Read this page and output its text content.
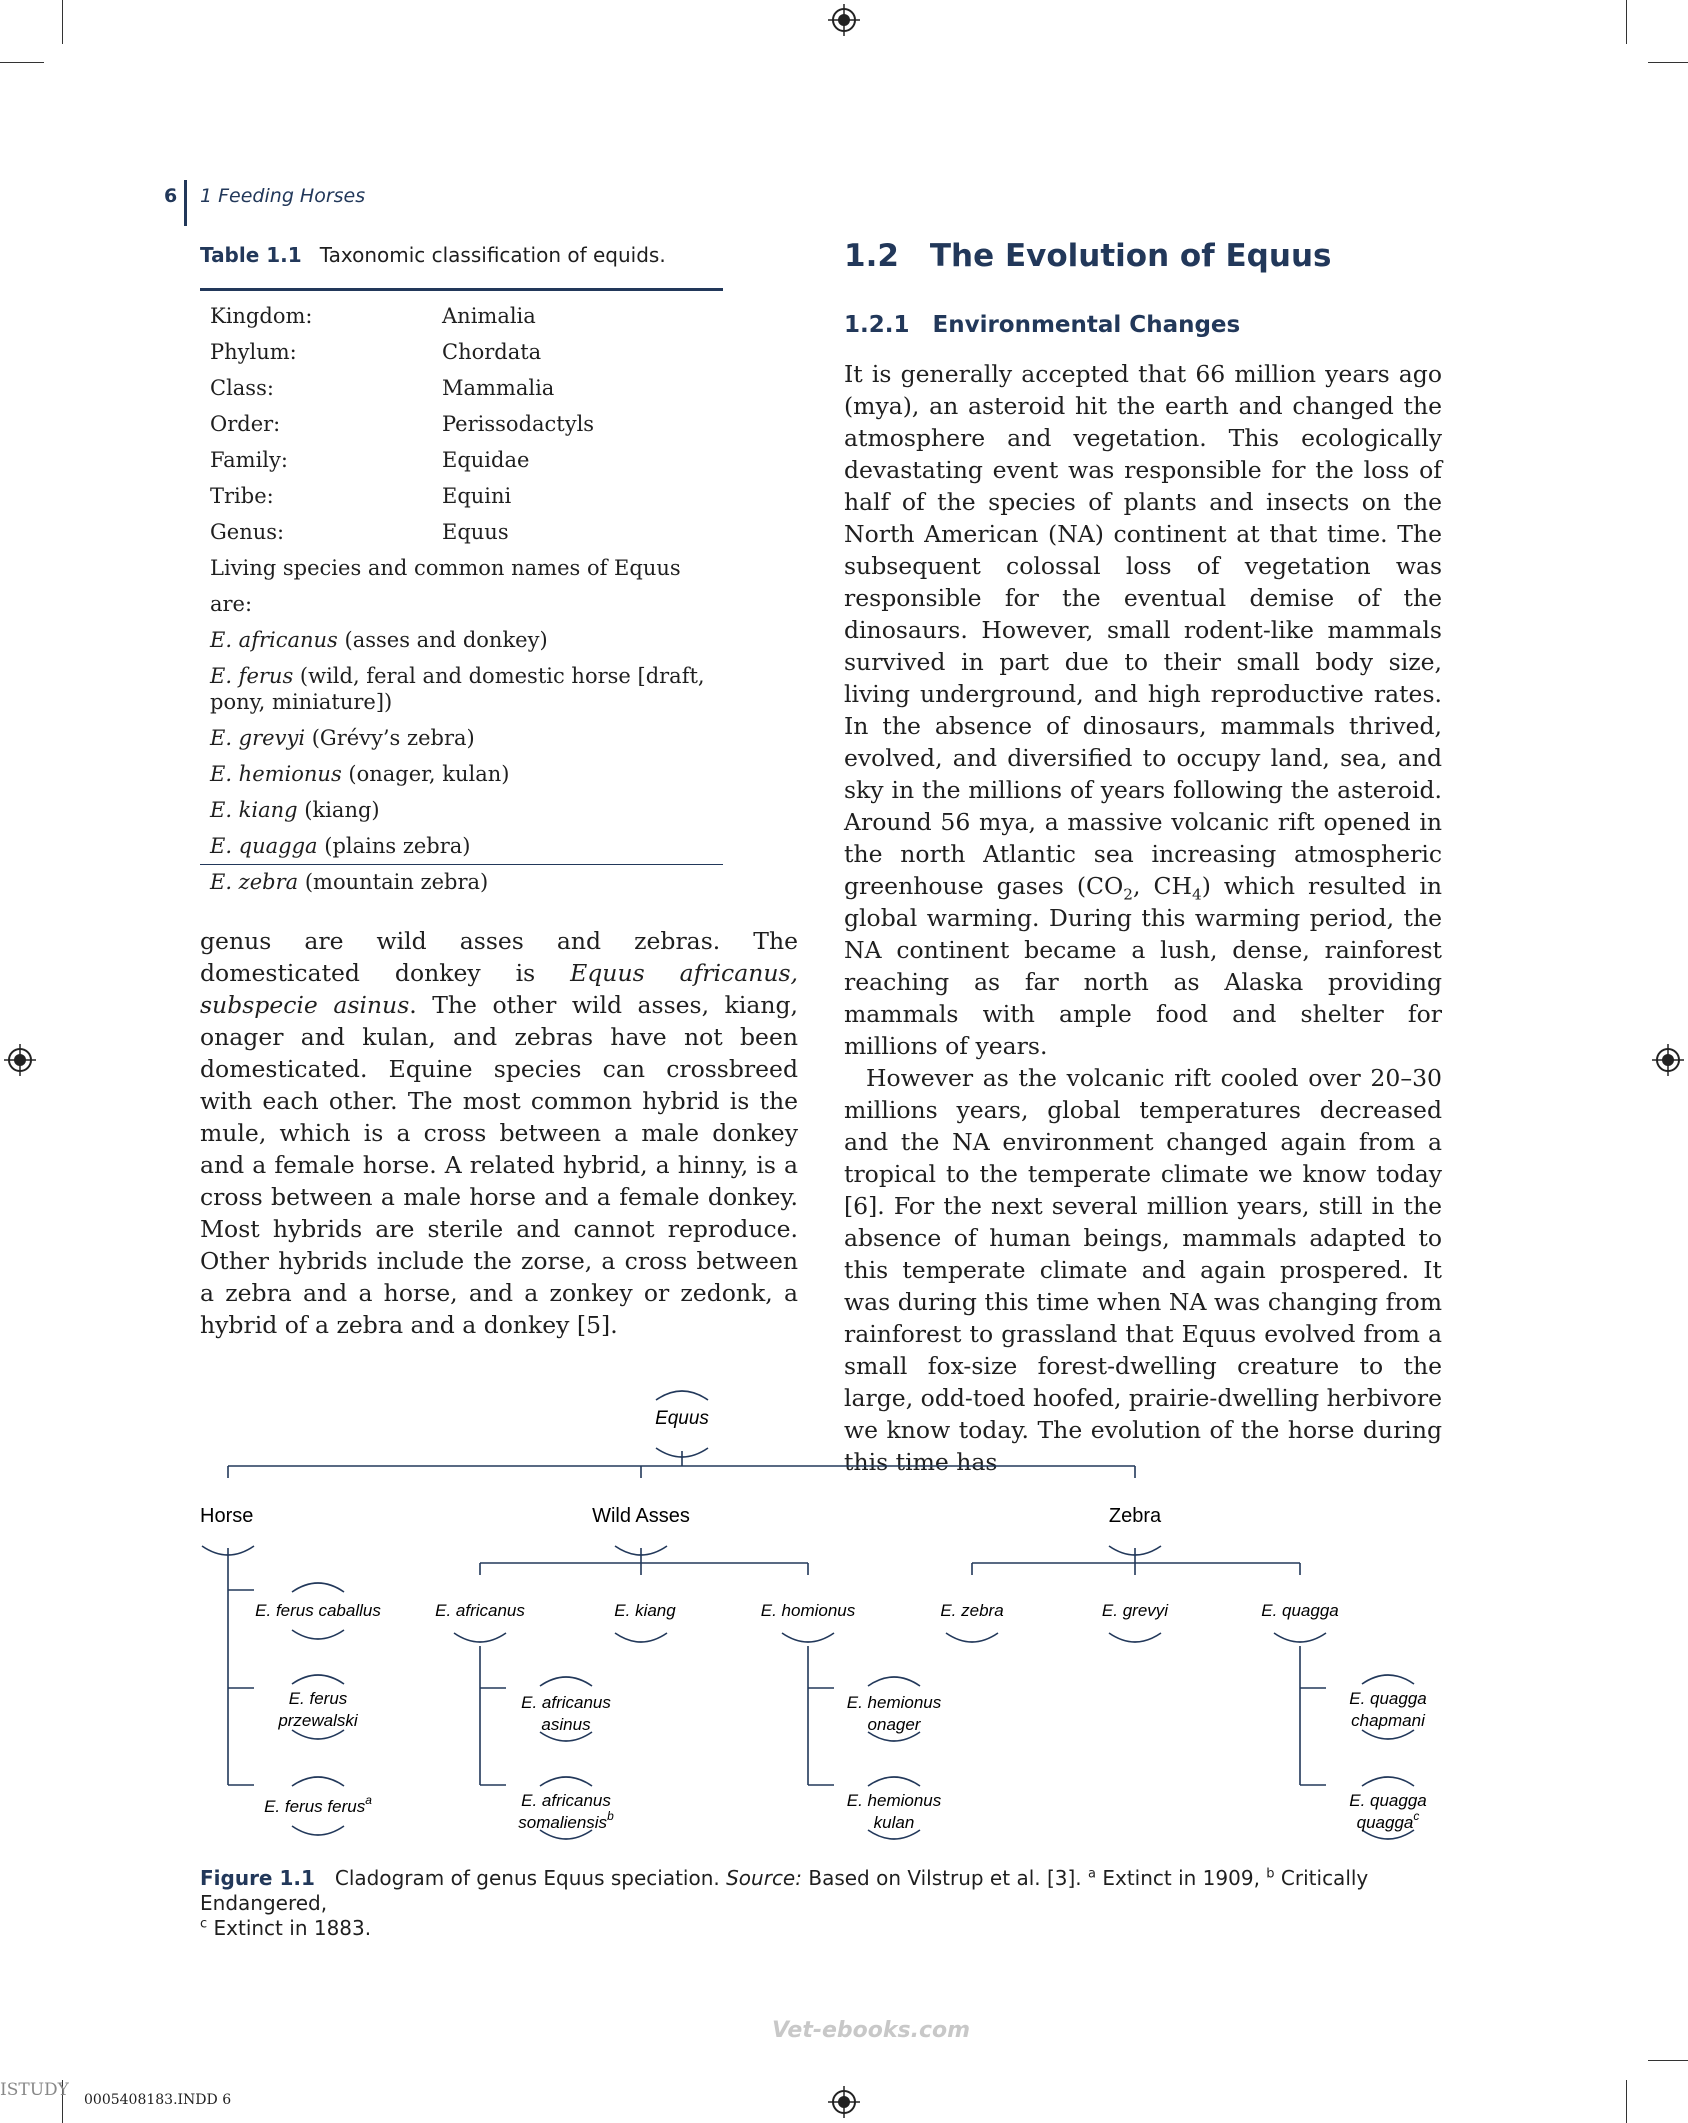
6 1 Feeding Horses
Table 1.1 Taxonomic classification of equids.
Kingdom:	Animalia
Phylum:	Chordata
Class:	Mammalia
Order:	Perissodactyls
Family:	Equidae
Tribe:	Equini
Genus:	Equus
Living species and common names of Equus are:
E. africanus (asses and donkey)
E. ferus (wild, feral and domestic horse [draft, pony, miniature])
E. grevyi (Grévy’s zebra)
E. hemionus (onager, kulan)
E. kiang (kiang)
E. quagga (plains zebra)
E. zebra (mountain zebra)
genus are wild asses and zebras. The domesticated donkey is Equus africanus, subspecie asinus. The other wild asses, kiang, onager and kulan, and zebras have not been domesticated. Equine species can crossbreed with each other. The most common hybrid is the mule, which is a cross between a male donkey and a female horse. A related hybrid, a hinny, is a cross between a male horse and a female donkey. Most hybrids are sterile and cannot reproduce. Other hybrids include the zorse, a cross between a zebra and a horse, and a zonkey or zedonk, a hybrid of a zebra and a donkey [5].
1.2 The Evolution of Equus
1.2.1 Environmental Changes
It is generally accepted that 66 million years ago (mya), an asteroid hit the earth and changed the atmosphere and vegetation. This ecologically devastating event was responsible for the loss of half of the species of plants and insects on the North American (NA) continent at that time. The subsequent colossal loss of vegetation was responsible for the eventual demise of the dinosaurs. However, small rodent-like mammals survived in part due to their small body size, living underground, and high reproductive rates. In the absence of dinosaurs, mammals thrived, evolved, and diversified to occupy land, sea, and sky in the millions of years following the asteroid. Around 56 mya, a massive volcanic rift opened in the north Atlantic sea increasing atmospheric greenhouse gases ($CO_2$, $CH_4$) which resulted in global warming. During this warming period, the NA continent became a lush, dense, rainforest reaching as far north as Alaska providing mammals with ample food and shelter for millions of years.
However as the volcanic rift cooled over 20–30 millions years, global temperatures decreased and the NA environment changed again from a tropical to the temperate climate we know today [6]. For the next several million years, still in the absence of human beings, mammals adapted to this temperate climate and again prospered. It was during this time when NA was changing from rainforest to grassland that Equus evolved from a small fox-size forest-dwelling creature to the large, odd-toed hoofed, prairie-dwelling herbivore we know today. The evolution of the horse during this time has
Equus
Horse	Wild Asses	Zebra
E. ferus caballus
E. ferus
przewalski
E. ferus ferus$^a$
E. africanus	E. kiang	E. homionus
E. africanus
asinus
E. africanus
somaliensis$^b$
E. hemionus
onager
E. hemionus
kulan
E. zebra	E. grevyi	E. quagga
E. quagga
chapmani
E. quagga
quagga$^c$
Figure 1.1  Cladogram of genus Equus speciation. Source: Based on Vilstrup et al. [3]. $^a$ Extinct in 1909, $^b$ Critically Endangered,
$^c$ Extinct in 1883.
Vet-ebooks.com
ISTUDY 0005408183.INDD 6
